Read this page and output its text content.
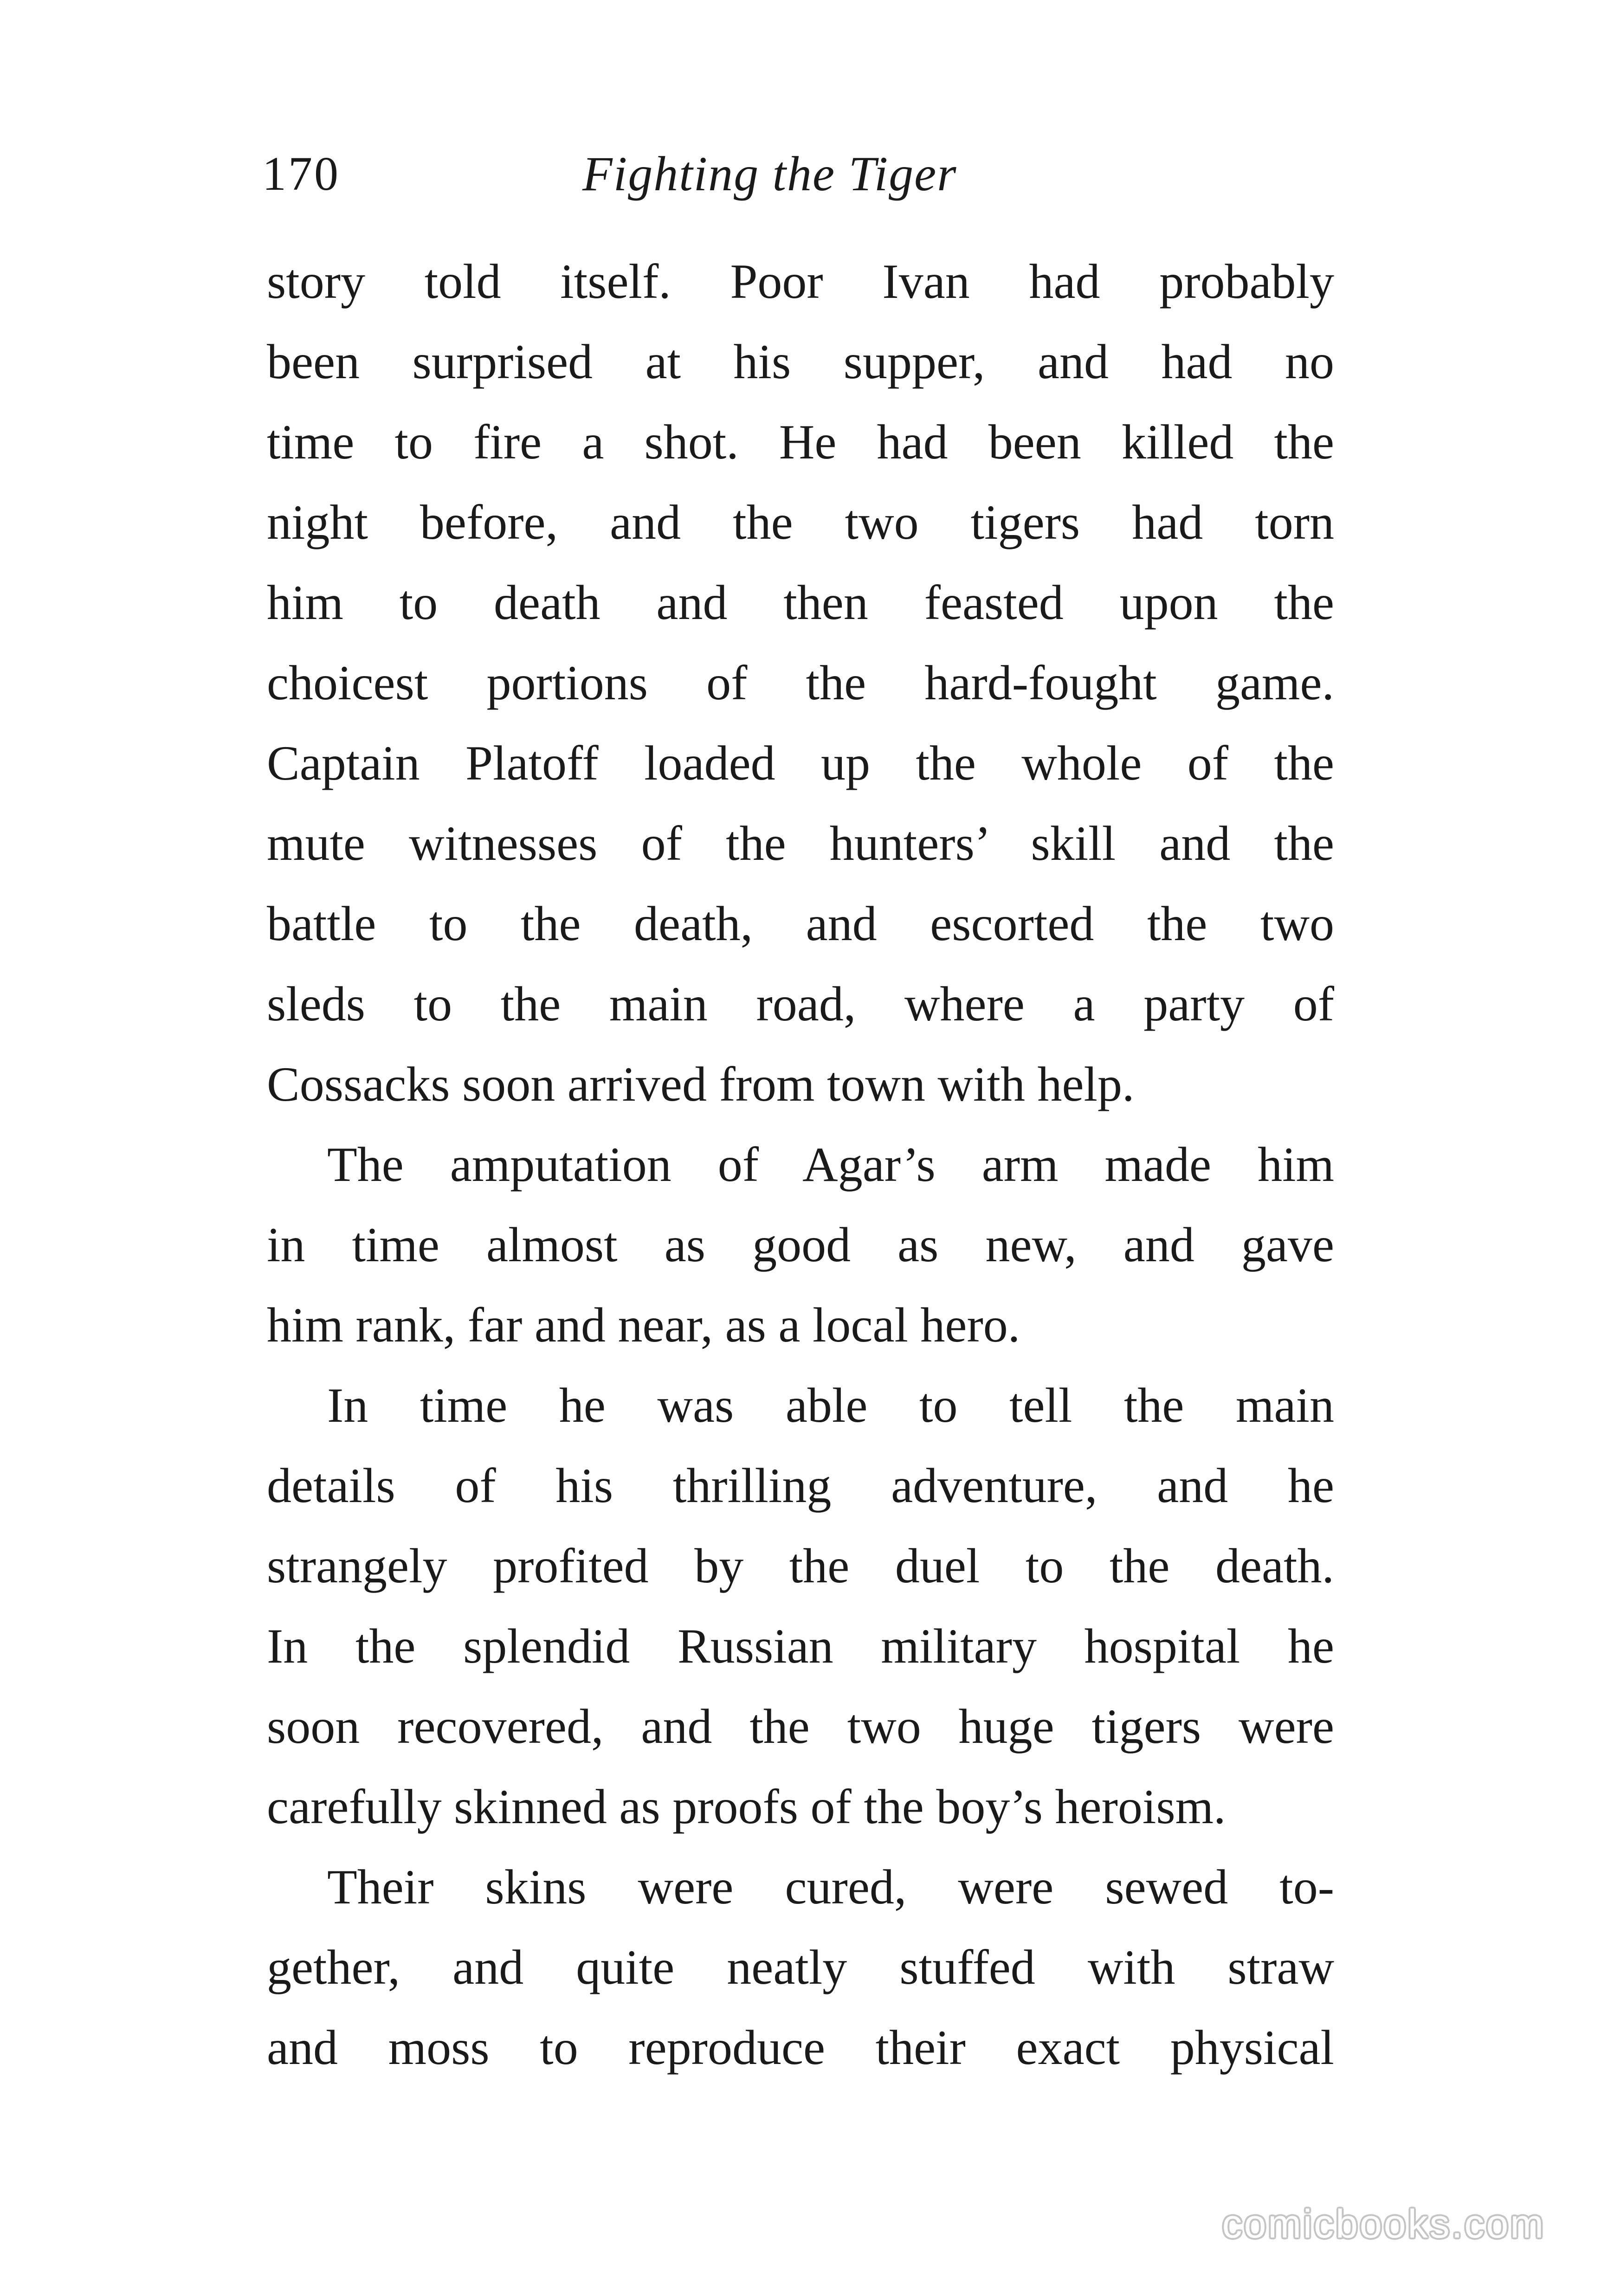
170	Fighting the Tiger
story told itself. Poor Ivan had probably
been surprised at his supper, and had no
time to fire a shot. He had been killed the
night before, and the two tigers had torn
him to death and then feasted upon the
choicest portions of the hard-fought game.
Captain Platoff loaded up the whole of the
mute witnesses of the hunters’ skill and the
battle to the death, and escorted the two
sleds to the main road, where a party of
Cossacks soon arrived from town with help.
The amputation of Agar’s arm made him
in time almost as good as new, and gave
him rank, far and near, as a local hero.
In time he was able to tell the main
details of his thrilling adventure, and he
strangely profited by the duel to the death.
In the splendid Russian military hospital he
soon recovered, and the two huge tigers were
carefully skinned as proofs of the boy’s heroism.
Their skins were cured, were sewed to-
gether, and quite neatly stuffed with straw
and moss to reproduce their exact physical
comicbooks.com
